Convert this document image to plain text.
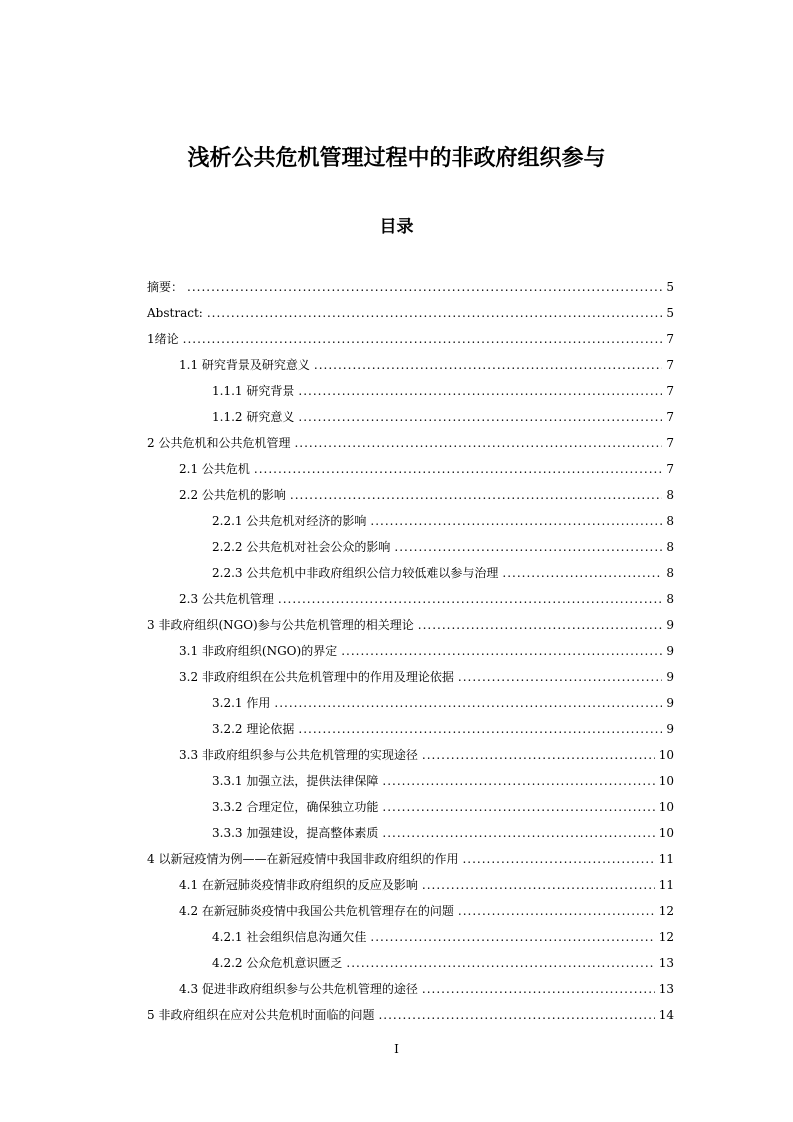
浅析公共危机管理过程中的非政府组织参与
目录
摘要： .....	5
Abstract: .....	5
1 绪论 .....	7
1.1 研究背景及研究意义 .....	7
1.1.1 研究背景 .....	7
1.1.2 研究意义 .....	7
2 公共危机和公共危机管理 .....	7
2.1 公共危机 .....	7
2.2 公共危机的影响 .....	8
2.2.1 公共危机对经济的影响 .....	8
2.2.2 公共危机对社会公众的影响 .....	8
2.2.3 公共危机中非政府组织公信力较低难以参与治理 .....	8
2.3 公共危机管理 .....	8
3 非政府组织(NGO)参与公共危机管理的相关理论 .....	9
3.1 非政府组织(NGO)的界定 .....	9
3.2 非政府组织在公共危机管理中的作用及理论依据 .....	9
3.2.1 作用 .....	9
3.2.2 理论依据 .....	9
3.3 非政府组织参与公共危机管理的实现途径 .....	10
3.3.1 加强立法，提供法律保障 .....	10
3.3.2 合理定位，确保独立功能 .....	10
3.3.3 加强建设，提高整体素质 .....	10
4 以新冠疫情为例——在新冠疫情中我国非政府组织的作用 .....	11
4.1 在新冠肺炎疫情非政府组织的反应及影响 .....	11
4.2 在新冠肺炎疫情中我国公共危机管理存在的问题 .....	12
4.2.1 社会组织信息沟通欠佳 .....	12
4.2.2 公众危机意识匮乏 .....	13
4.3 促进非政府组织参与公共危机管理的途径 .....	13
5 非政府组织在应对公共危机时面临的问题 .....	14
I
